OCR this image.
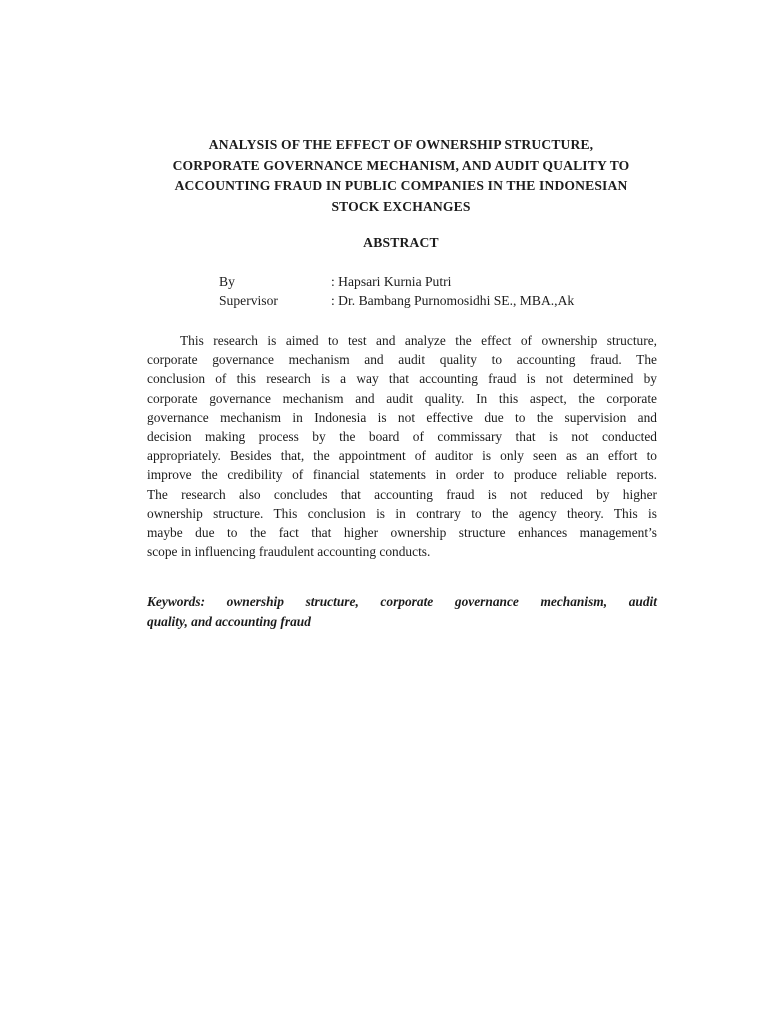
ANALYSIS OF THE EFFECT OF OWNERSHIP STRUCTURE,
CORPORATE GOVERNANCE MECHANISM, AND AUDIT QUALITY TO
ACCOUNTING FRAUD IN PUBLIC COMPANIES IN THE INDONESIAN
STOCK EXCHANGES
ABSTRACT
By	: Hapsari Kurnia Putri
Supervisor	: Dr. Bambang Purnomosidhi SE., MBA.,Ak
This research is aimed to test and analyze the effect of ownership structure,
corporate governance mechanism and audit quality to accounting fraud. The
conclusion of this research is a way that accounting fraud is not determined by
corporate governance mechanism and audit quality. In this aspect, the corporate
governance mechanism in Indonesia is not effective due to the supervision and
decision making process by the board of commissary that is not conducted
appropriately. Besides that, the appointment of auditor is only seen as an effort to
improve the credibility of financial statements in order to produce reliable reports.
The research also concludes that accounting fraud is not reduced by higher
ownership structure. This conclusion is in contrary to the agency theory. This is
maybe due to the fact that higher ownership structure enhances management’s
scope in influencing fraudulent accounting conducts.
Keywords: ownership structure, corporate governance mechanism, audit
quality, and accounting fraud
